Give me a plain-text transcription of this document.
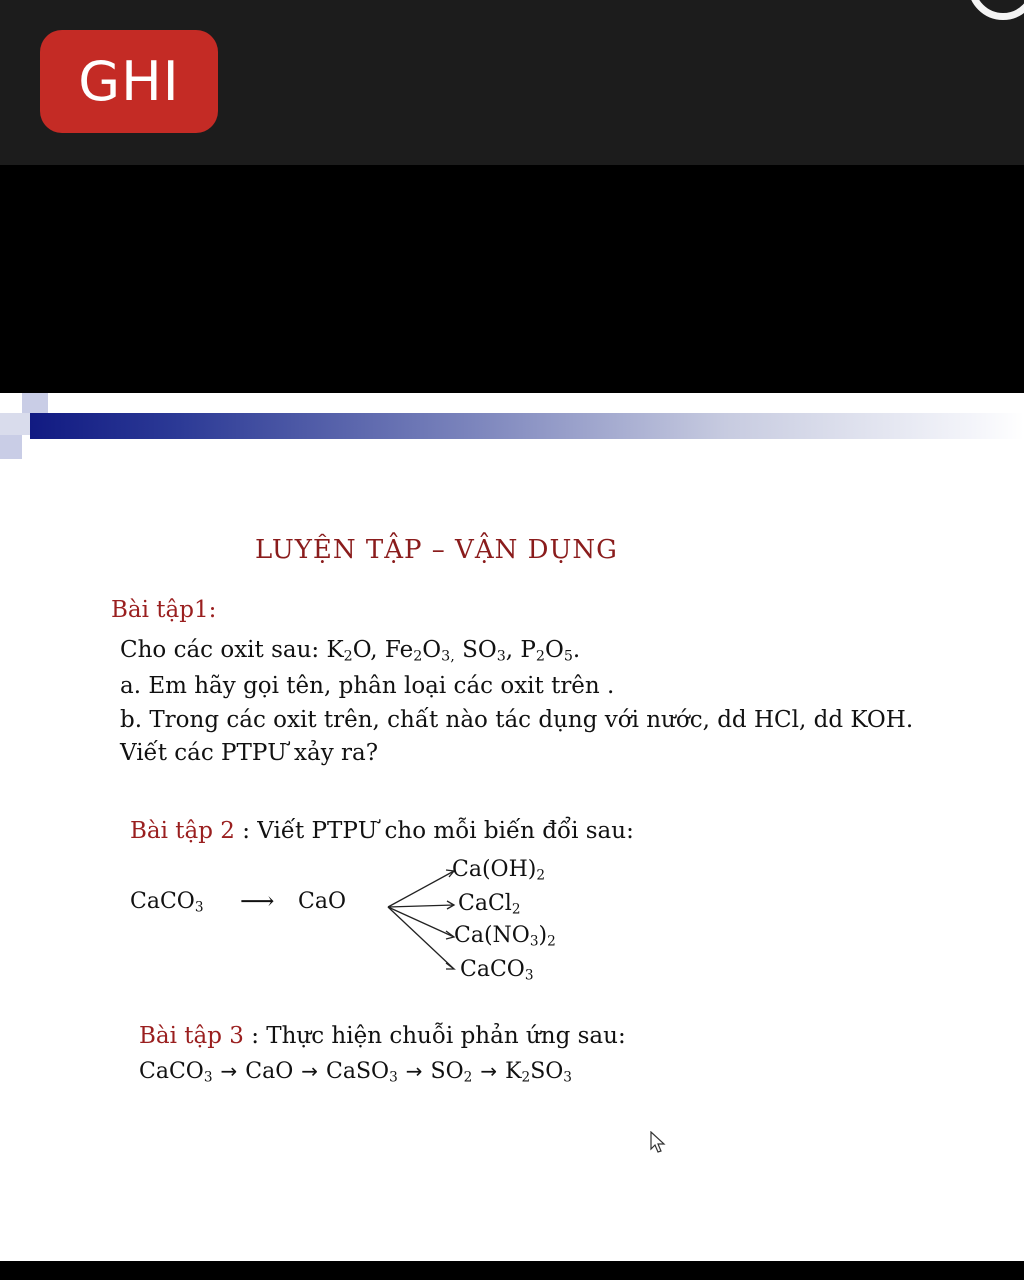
GHI
LUYỆN TẬP – VẬN DỤNG
Bài tập1:
Cho các oxit sau: $K_2O$, $Fe_2O_{3,}$ $SO_3$, $P_2O_5$.
a. Em hãy gọi tên, phân loại các oxit trên .
b. Trong các oxit trên, chất nào tác dụng với nước, dd HCl, dd KOH.
Viết các PTPƯ xảy ra?
Bài tập 2 : Viết PTPƯ cho mỗi biến đổi sau:
CaCO$_3$ ⟶ CaO
$Ca(OH)_2$
CaCl$_2$
$Ca(NO_3)_2$
CaCO$_3$
Bài tập 3 : Thực hiện chuỗi phản ứng sau:
CaCO$_3$ → CaO → CaSO$_3$ → $SO_2 \to K_2SO_3$
